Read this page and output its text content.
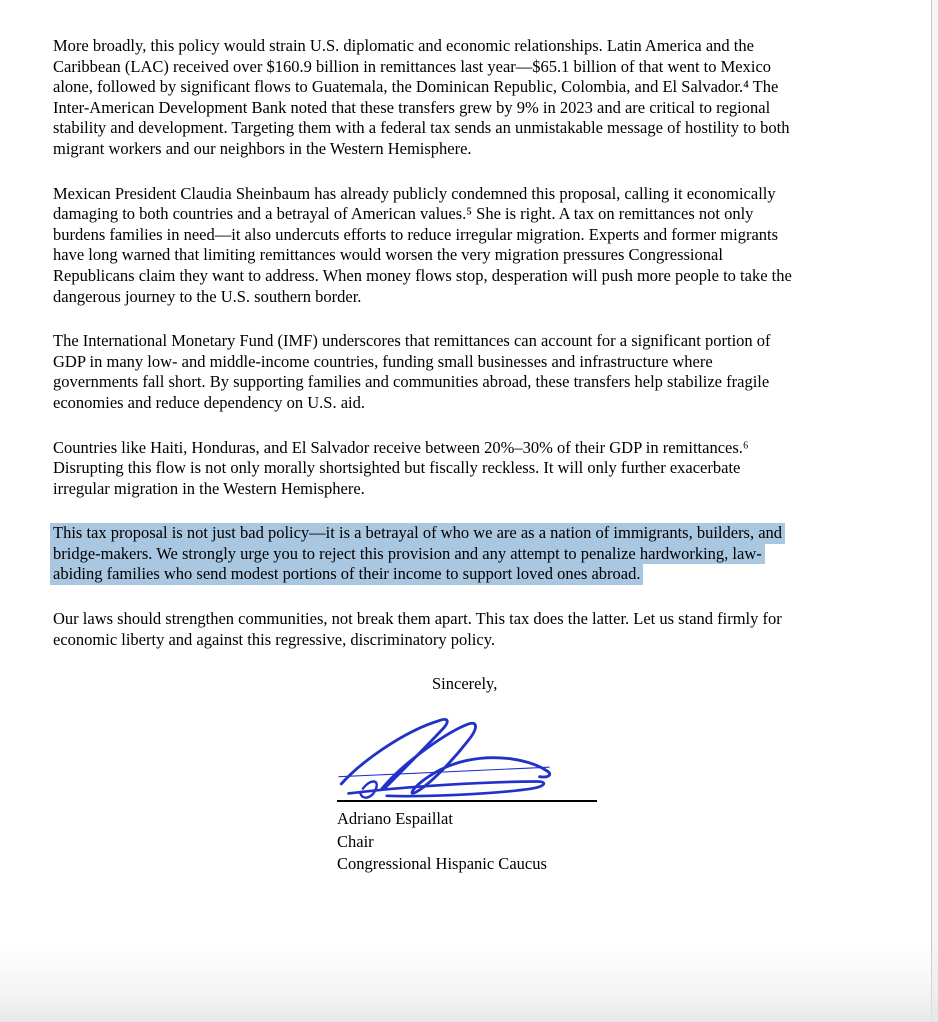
More broadly, this policy would strain U.S. diplomatic and economic relationships. Latin America and the
Caribbean (LAC) received over $160.9 billion in remittances last year—$65.1 billion of that went to Mexico
alone, followed by significant flows to Guatemala, the Dominican Republic, Colombia, and El Salvador.⁴ The
Inter-American Development Bank noted that these transfers grew by 9% in 2023 and are critical to regional
stability and development. Targeting them with a federal tax sends an unmistakable message of hostility to both
migrant workers and our neighbors in the Western Hemisphere.

Mexican President Claudia Sheinbaum has already publicly condemned this proposal, calling it economically
damaging to both countries and a betrayal of American values.⁵ She is right. A tax on remittances not only
burdens families in need—it also undercuts efforts to reduce irregular migration. Experts and former migrants
have long warned that limiting remittances would worsen the very migration pressures Congressional
Republicans claim they want to address. When money flows stop, desperation will push more people to take the
dangerous journey to the U.S. southern border.

The International Monetary Fund (IMF) underscores that remittances can account for a significant portion of
GDP in many low- and middle-income countries, funding small businesses and infrastructure where
governments fall short. By supporting families and communities abroad, these transfers help stabilize fragile
economies and reduce dependency on U.S. aid.

Countries like Haiti, Honduras, and El Salvador receive between 20%–30% of their GDP in remittances.⁶
Disrupting this flow is not only morally shortsighted but fiscally reckless. It will only further exacerbate
irregular migration in the Western Hemisphere.

This tax proposal is not just bad policy—it is a betrayal of who we are as a nation of immigrants, builders, and
bridge-makers. We strongly urge you to reject this provision and any attempt to penalize hardworking, law-
abiding families who send modest portions of their income to support loved ones abroad.

Our laws should strengthen communities, not break them apart. This tax does the latter. Let us stand firmly for
economic liberty and against this regressive, discriminatory policy.

Sincerely,
Adriano Espaillat
Chair
Congressional Hispanic Caucus
